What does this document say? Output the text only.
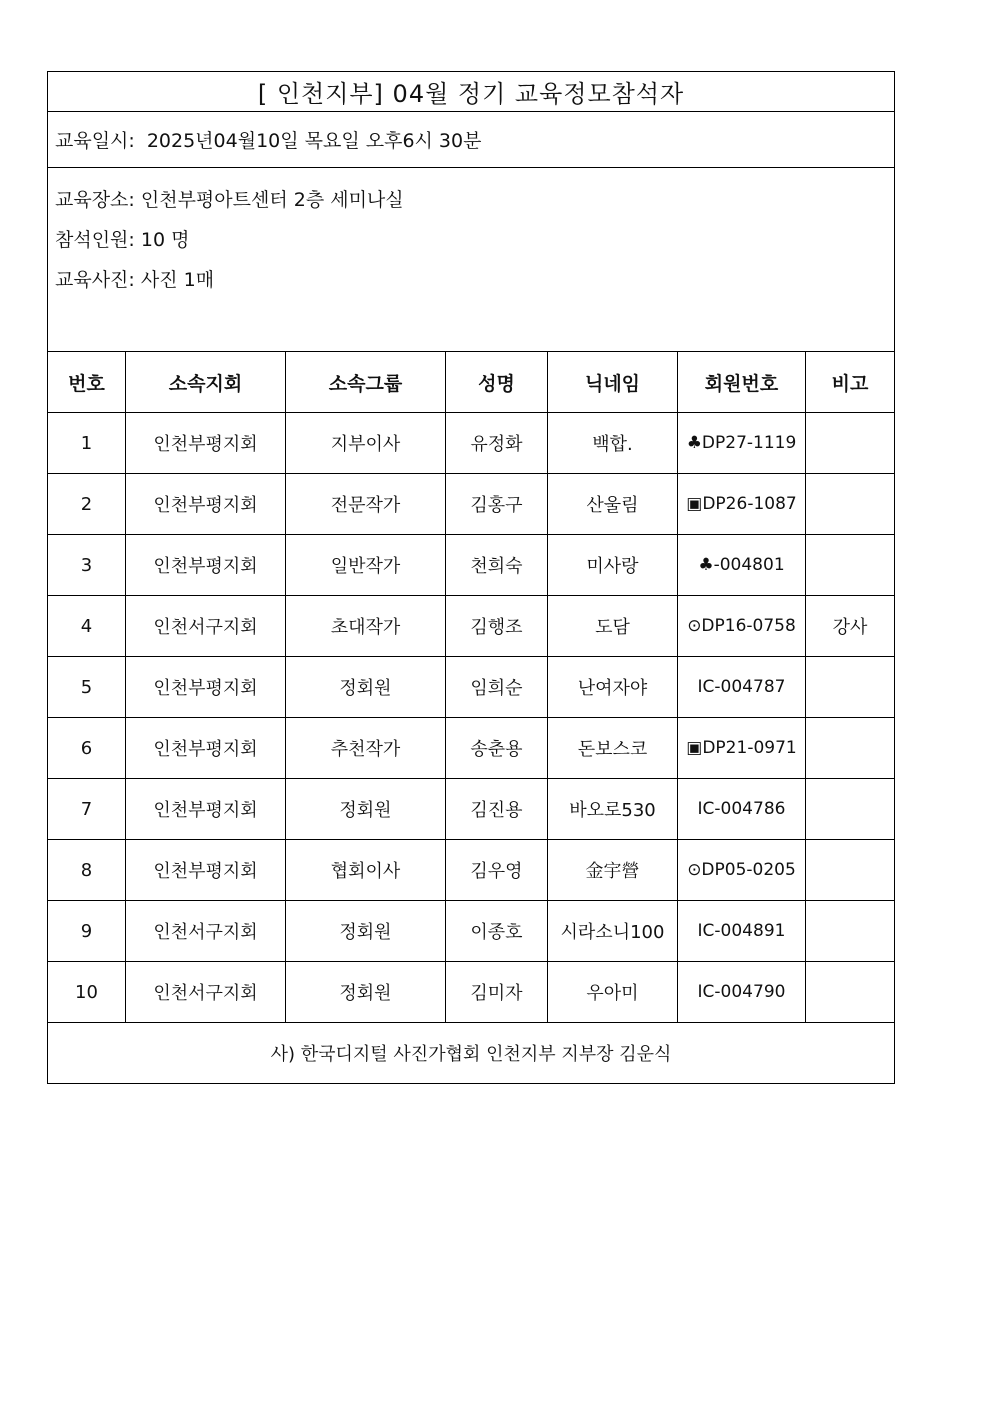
[ 인천지부] 04월 정기 교육정모참석자						
교육일시: 2025년04월10일 목요일 오후6시 30분						

교육장소: 인천부평아트센터 2층 세미나실
참석인원: 10 명
교육사진: 사진 1매						

번호	소속지회	소속그룹	성명	닉네임	회원번호	비고
1	인천부평지회	지부이사	유정화	백합.	♣DP27-1119	
2	인천부평지회	전문작가	김홍구	산울림	▣DP26-1087	
3	인천부평지회	일반작가	천희숙	미사랑	♣-004801	
4	인천서구지회	초대작가	김행조	도담	⊙DP16-0758	강사
5	인천부평지회	정회원	임희순	난여자야	IC-004787	
6	인천부평지회	추천작가	송춘용	돈보스코	▣DP21-0971	
7	인천부평지회	정회원	김진용	바오로530	IC-004786	
8	인천부평지회	협회이사	김우영	金宇營	⊙DP05-0205	
9	인천서구지회	정회원	이종호	시라소니100	IC-004891	
10	인천서구지회	정회원	김미자	우아미	IC-004790	
사) 한국디지털 사진가협회 인천지부 지부장 김운식						
